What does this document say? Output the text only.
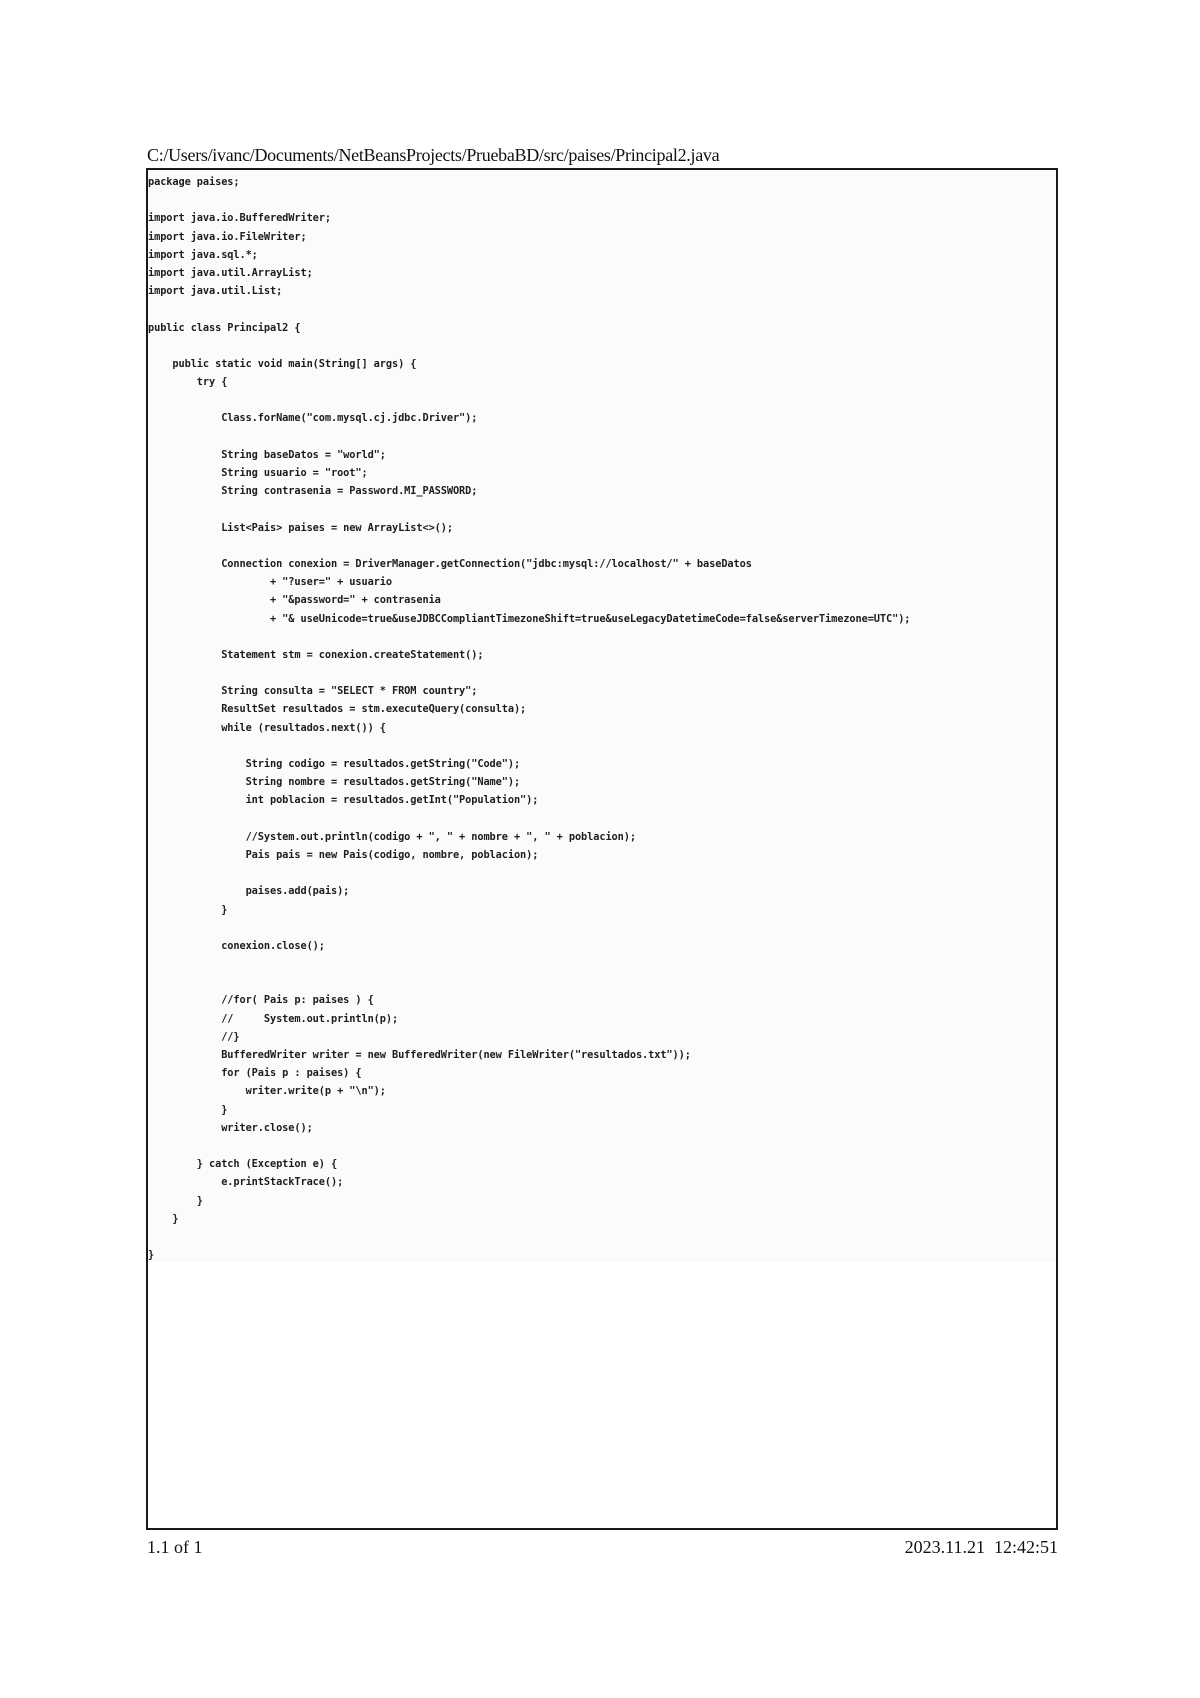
C:/Users/ivanc/Documents/NetBeansProjects/PruebaBD/src/paises/Principal2.java
package paises;
import java.io.BufferedWriter;
import java.io.FileWriter;
import java.sql.*;
import java.util.ArrayList;
import java.util.List;
public class Principal2 {
public static void main(String[] args) {
try {
Class.forName("com.mysql.cj.jdbc.Driver");
String baseDatos = "world";
String usuario = "root";
String contrasenia = Password.MI_PASSWORD;
List<Pais> paises = new ArrayList<>();
Connection conexion = DriverManager.getConnection("jdbc:mysql://localhost/" + baseDatos
+ "?user=" + usuario
+ "&password=" + contrasenia
+ "& useUnicode=true&useJDBCCompliantTimezoneShift=true&useLegacyDatetimeCode=false&serverTimezone=UTC");
Statement stm = conexion.createStatement();
String consulta = "SELECT * FROM country";
ResultSet resultados = stm.executeQuery(consulta);
while (resultados.next()) {
String codigo = resultados.getString("Code");
String nombre = resultados.getString("Name");
int poblacion = resultados.getInt("Population");
//System.out.println(codigo + ", " + nombre + ", " + poblacion);
Pais pais = new Pais(codigo, nombre, poblacion);
paises.add(pais);
}
conexion.close();
//for( Pais p: paises ) {
//     System.out.println(p);
//}
BufferedWriter writer = new BufferedWriter(new FileWriter("resultados.txt"));
for (Pais p : paises) {
writer.write(p + "\n");
}
writer.close();
} catch (Exception e) {
e.printStackTrace();
}
}
}
1.1 of 1	2023.11.21  12:42:51
